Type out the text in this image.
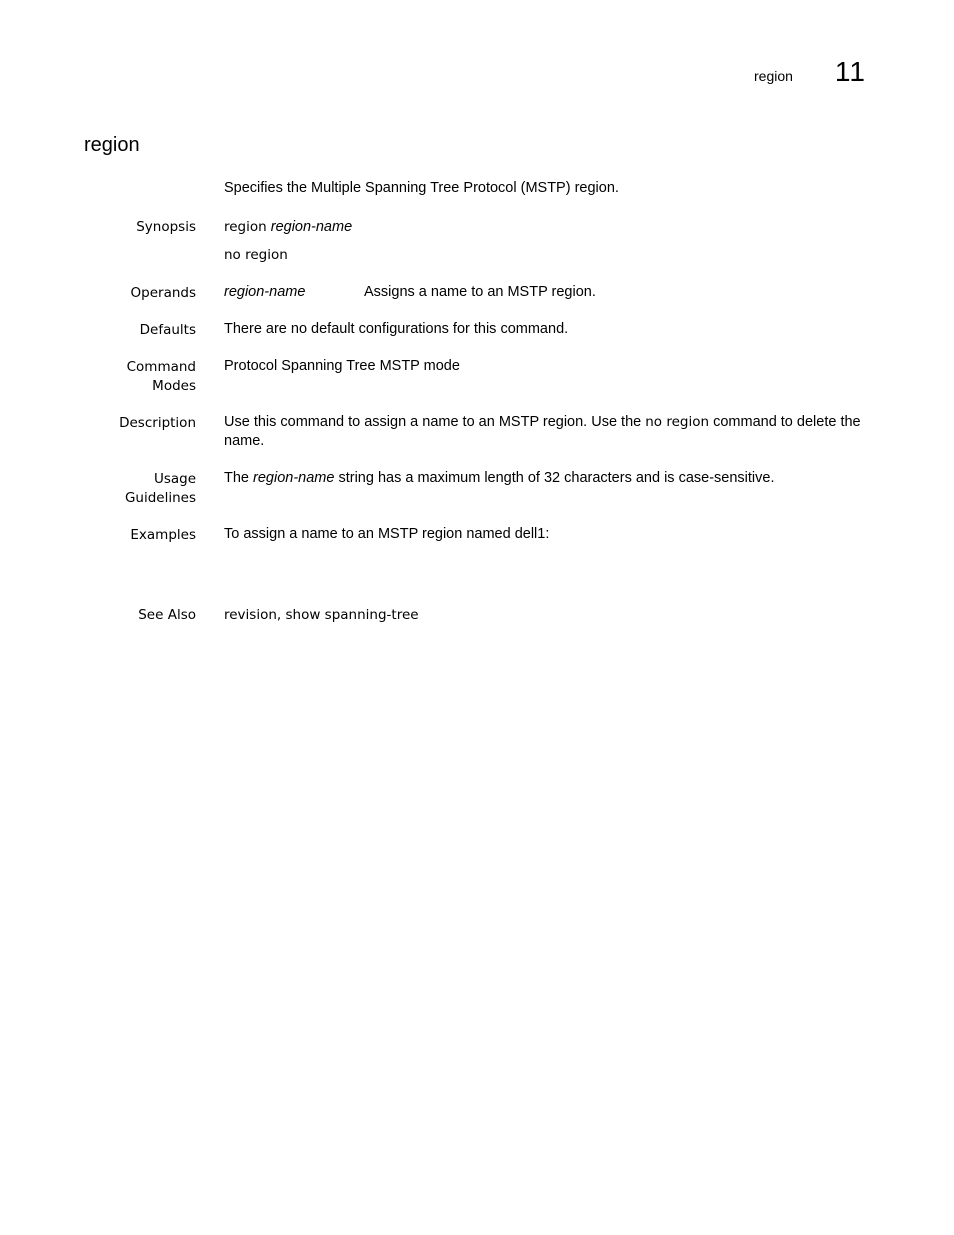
region 11
region
Specifies the Multiple Spanning Tree Protocol (MSTP) region.
Synopsis region region-name
no region
Operands region-name	Assigns a name to an MSTP region.
Defaults There are no default configurations for this command.
Command
Modes
Protocol Spanning Tree MSTP mode
Description Use this command to assign a name to an MSTP region. Use the no region command to delete the name.
Usage
Guidelines
The region-name string has a maximum length of 32 characters and is case-sensitive.
Examples To assign a name to an MSTP region named dell1:
See Also revision, show spanning-tree
